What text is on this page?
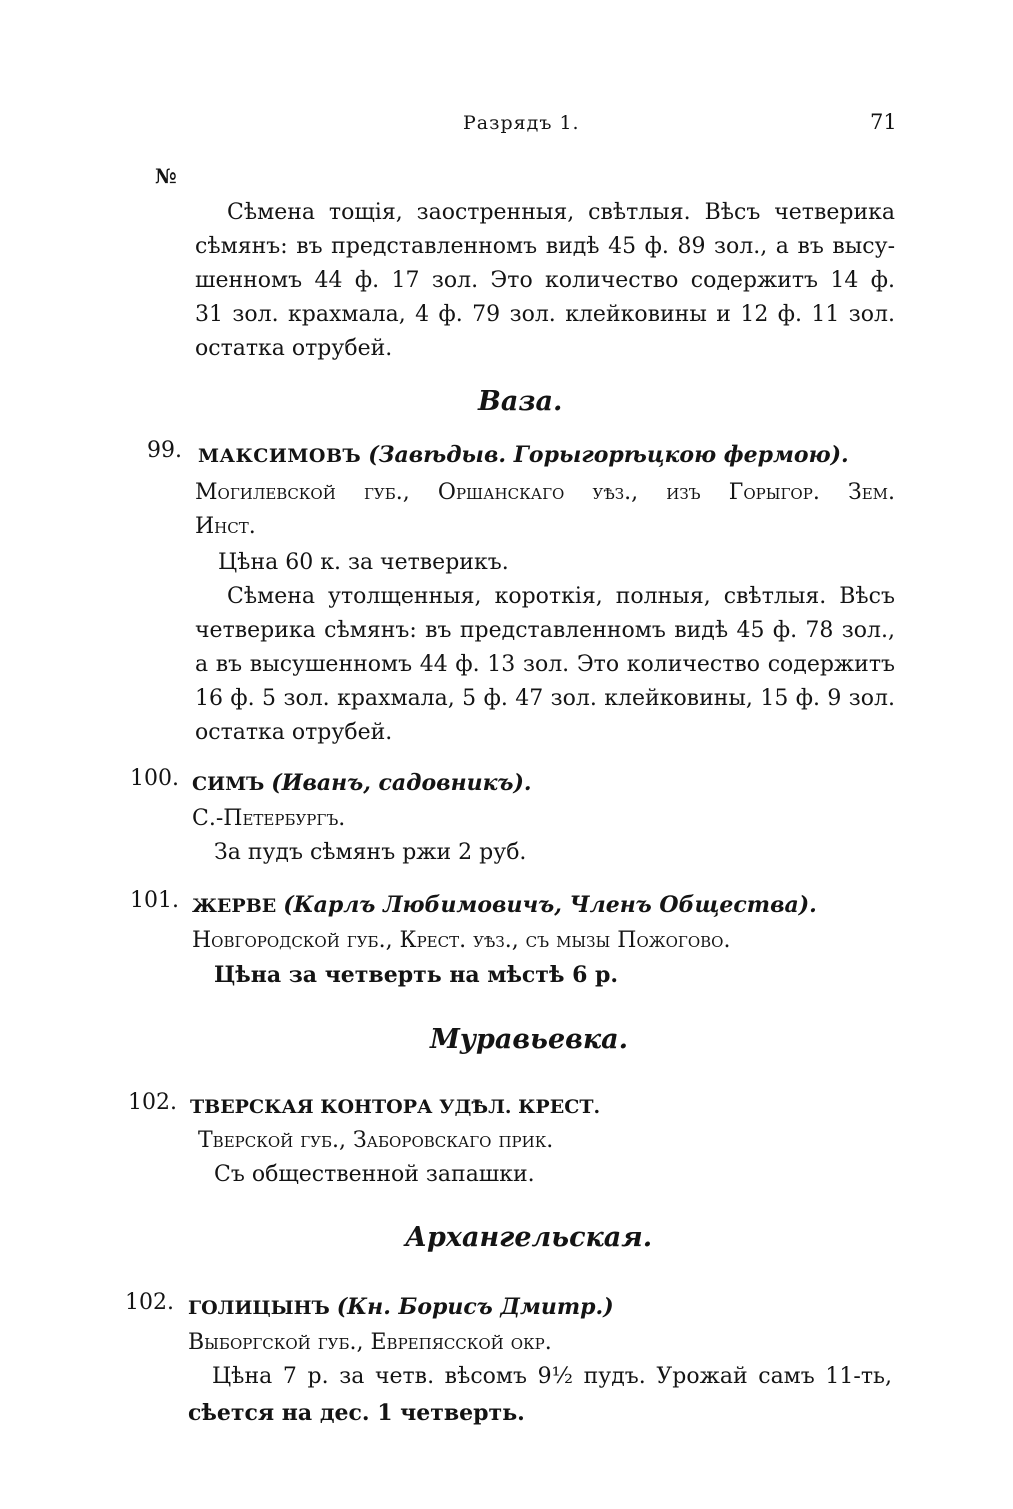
Разрядъ 1.	71
№
Сѣмена тощія, заостренныя, свѣтлыя. Вѣсъ четверика
сѣмянъ: въ представленномъ видѣ 45 ф. 89 зол., а въ высу-
шенномъ 44 ф. 17 зол. Это количество содержитъ 14 ф.
31 зол. крахмала, 4 ф. 79 зол. клейковины и 12 ф. 11 зол.
остатка отрубей.
Ваза.
99. МАКСИМОВЪ (Завѣдыв. Горыгорѣцкою фермою).
Могилевской губ., Оршанскаго уѣз., изъ Горыгор. Зем.
Инст.
Цѣна 60 к. за четверикъ.
Сѣмена утолщенныя, короткія, полныя, свѣтлыя. Вѣсъ
четверика сѣмянъ: въ представленномъ видѣ 45 ф. 78 зол.,
а въ высушенномъ 44 ф. 13 зол. Это количество содержитъ
16 ф. 5 зол. крахмала, 5 ф. 47 зол. клейковины, 15 ф. 9 зол.
остатка отрубей.
100. СИМЪ (Иванъ, садовникъ).
С.-Петербургъ.
За пудъ сѣмянъ ржи 2 руб.
101. ЖЕРВЕ (Карлъ Любимовичъ, Членъ Общества).
Новгородской губ., Крест. уѣз., съ мызы Пожогово.
Цѣна за четверть на мѣстѣ 6 р.
Муравьевка.
102. ТВЕРСКАЯ КОНТОРА УДѢЛ. КРЕСТ.
Тверской губ., Заборовскаго прик.
Съ общественной запашки.
Архангельская.
102. ГОЛИЦЫНЪ (Кн. Борисъ Дмитр.)
Выборгской губ., Еврепясской окр.
Цѣна 7 р. за четв. вѣсомъ 9½ пудъ. Урожай самъ 11-ть,
сѣется на дес. 1 четверть.
